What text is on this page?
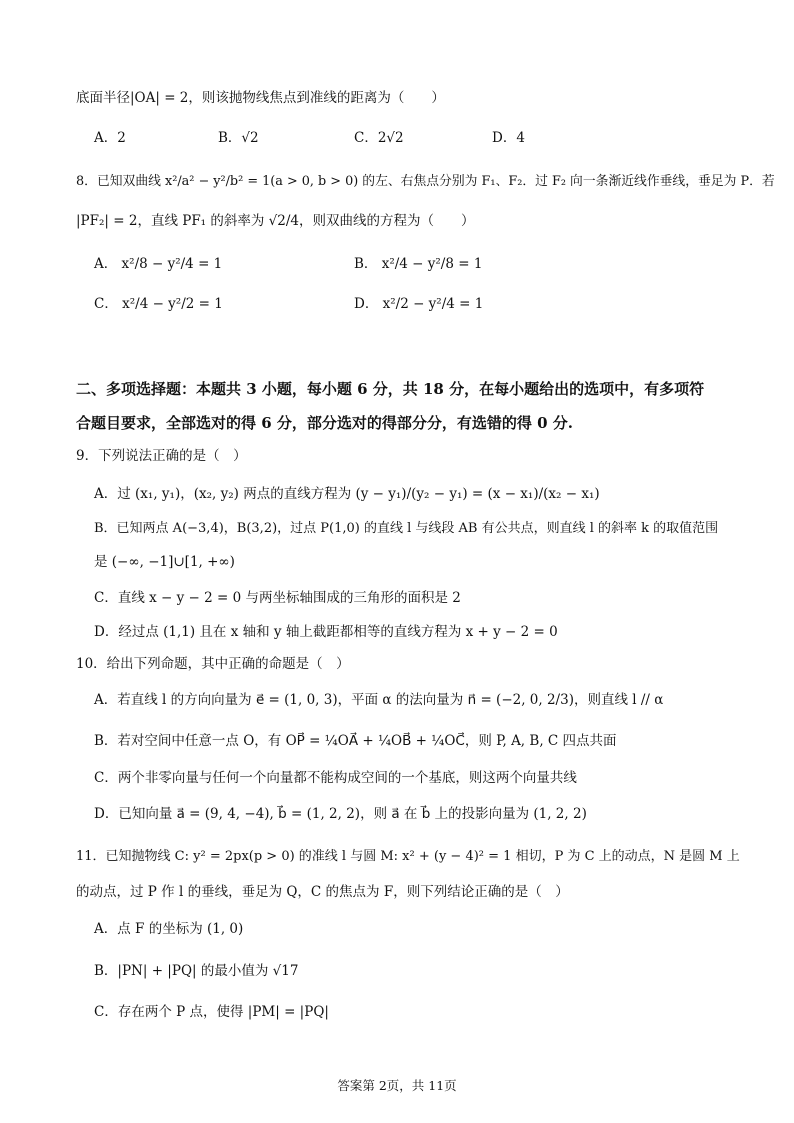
底面半径|OA| = 2，则该抛物线焦点到准线的距离为（　　）
A．2	B．√2	C．2√2	D．4
8．已知双曲线 x²/a² − y²/b² = 1(a > 0, b > 0) 的左、右焦点分别为 F₁、F₂．过 F₂ 向一条渐近线作垂线，垂足为 P．若
|PF₂| = 2，直线 PF₁ 的斜率为 √2/4，则双曲线的方程为（　　）
A． x²/8 − y²/4 = 1	B． x²/4 − y²/8 = 1
C． x²/4 − y²/2 = 1	D． x²/2 − y²/4 = 1
二、多项选择题：本题共 3 小题，每小题 6 分，共 18 分，在每小题给出的选项中，有多项符
合题目要求，全部选对的得 6 分，部分选对的得部分分，有选错的得 0 分.
9．下列说法正确的是（　）
A．过 (x₁, y₁)，(x₂, y₂) 两点的直线方程为 (y − y₁)/(y₂ − y₁) = (x − x₁)/(x₂ − x₁)
B．已知两点 A(−3,4)，B(3,2)，过点 P(1,0) 的直线 l 与线段 AB 有公共点，则直线 l 的斜率 k 的取值范围
是 (−∞, −1]∪[1, +∞)
C．直线 x − y − 2 = 0 与两坐标轴围成的三角形的面积是 2
D．经过点 (1,1) 且在 x 轴和 y 轴上截距都相等的直线方程为 x + y − 2 = 0
10．给出下列命题，其中正确的命题是（　）
A．若直线 l 的方向向量为 e⃗ = (1, 0, 3)，平面 α 的法向量为 n⃗ = (−2, 0, 2/3)，则直线 l // α
B．若对空间中任意一点 O，有 OP⃗ = ¼OA⃗ + ¼OB⃗ + ¼OC⃗，则 P, A, B, C 四点共面
C．两个非零向量与任何一个向量都不能构成空间的一个基底，则这两个向量共线
D．已知向量 a⃗ = (9, 4, −4), b⃗ = (1, 2, 2)，则 a⃗ 在 b⃗ 上的投影向量为 (1, 2, 2)
11．已知抛物线 C: y² = 2px(p > 0) 的准线 l 与圆 M: x² + (y − 4)² = 1 相切，P 为 C 上的动点，N 是圆 M 上
的动点，过 P 作 l 的垂线，垂足为 Q，C 的焦点为 F，则下列结论正确的是（　）
A．点 F 的坐标为 (1, 0)
B．|PN| + |PQ| 的最小值为 √17
C．存在两个 P 点，使得 |PM| = |PQ|
答案第 2页，共 11页
